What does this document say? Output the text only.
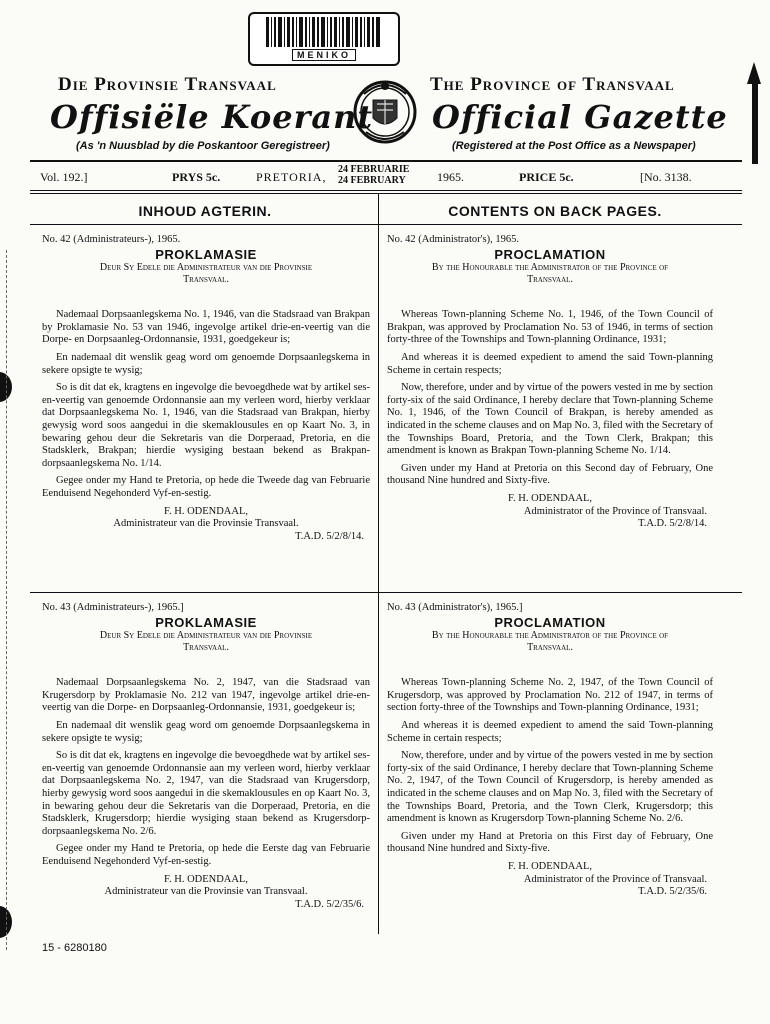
MENIKO
Die Provinsie Transvaal
Offisiële Koerant
(As 'n Nuusblad by die Poskantoor Geregistreer)
The Province of Transvaal
Official Gazette
(Registered at the Post Office as a Newspaper)
Vol. 192.]	PRYS 5c.	PRETORIA,
24 FEBRUARIE
24 FEBRUARY	1965.	PRICE 5c.	[No. 3138.
INHOUD AGTERIN.	CONTENTS ON BACK PAGES.
No. 42 (Administrateurs-), 1965.
PROKLAMASIE
Deur Sy Edele die Administrateur van die Provinsie Transvaal.

Nademaal Dorpsaanlegskema No. 1, 1946, van die Stadsraad van Brakpan by Proklamasie No. 53 van 1946, ingevolge artikel drie-en-veertig van die Dorpe- en Dorpsaanleg-Ordonnansie, 1931, goedgekeur is;

En nademaal dit wenslik geag word om genoemde Dorpsaanlegskema in sekere opsigte te wysig;

So is dit dat ek, kragtens en ingevolge die bevoegdhede wat by artikel ses-en-veertig van genoemde Ordonnansie aan my verleen word, hierby verklaar dat Dorpsaanlegskema No. 1, 1946, van die Stadsraad van Brakpan, hierby gewysig word soos aangedui in die skemaklousules en op Kaart No. 3, in bewaring gehou deur die Sekretaris van die Dorperaad, Pretoria, en die Stadsklerk, Brakpan; hierdie wysiging bestaan bekend as Brakpan-dorpsaanlegskema No. 1/14.

Gegee onder my Hand te Pretoria, op hede die Tweede dag van Februarie Eenduisend Negehonderd Vyf-en-sestig.

F. H. ODENDAAL,
Administrateur van die Provinsie Transvaal.
T.A.D. 5/2/8/14.
No. 42 (Administrator's), 1965.
PROCLAMATION
By the Honourable the Administrator of the Province of Transvaal.

Whereas Town-planning Scheme No. 1, 1946, of the Town Council of Brakpan, was approved by Proclamation No. 53 of 1946, in terms of section forty-three of the Townships and Town-planning Ordinance, 1931;

And whereas it is deemed expedient to amend the said Town-planning Scheme in certain respects;

Now, therefore, under and by virtue of the powers vested in me by section forty-six of the said Ordinance, I hereby declare that Town-planning Scheme No. 1, 1946, of the Town Council of Brakpan, is hereby amended as indicated in the scheme clauses and on Map No. 3, filed with the Secretary of the Townships Board, Pretoria, and the Town Clerk, Brakpan; this amendment is known as Brakpan Town-planning Scheme No. 1/14.

Given under my Hand at Pretoria on this Second day of February, One thousand Nine hundred and Sixty-five.

F. H. ODENDAAL,
Administrator of the Province of Transvaal.
T.A.D. 5/2/8/14.
No. 43 (Administrateurs-), 1965.]
PROKLAMASIE
Deur Sy Edele die Administrateur van die Provinsie Transvaal.

Nademaal Dorpsaanlegskema No. 2, 1947, van die Stadsraad van Krugersdorp by Proklamasie No. 212 van 1947, ingevolge artikel drie-en-veertig van die Dorpe- en Dorpsaanleg-Ordonnansie, 1931, goedgekeur is;

En nademaal dit wenslik geag word om genoemde Dorpsaanlegskema in sekere opsigte te wysig;

So is dit dat ek, kragtens en ingevolge die bevoegdhede wat by artikel ses-en-veertig van genoemde Ordonnansie aan my verleen word, hierby verklaar dat Dorpsaanlegskema No. 2, 1947, van die Stadsraad van Krugersdorp, hierby gewysig word soos aangedui in die skemaklousules en op Kaart No. 3, in bewaring gehou deur die Sekretaris van die Dorperaad, Pretoria, en die Stadsklerk, Krugersdorp; hierdie wysiging staan bekend as Krugersdorp-dorpsaanlegskema No. 2/6.

Gegee onder my Hand te Pretoria, op hede die Eerste dag van Februarie Eenduisend Negehonderd Vyf-en-sestig.

F. H. ODENDAAL,
Administrateur van die Provinsie van Transvaal.
T.A.D. 5/2/35/6.
No. 43 (Administrator's), 1965.]
PROCLAMATION
By the Honourable the Administrator of the Province of Transvaal.

Whereas Town-planning Scheme No. 2, 1947, of the Town Council of Krugersdorp, was approved by Proclamation No. 212 of 1947, in terms of section forty-three of the Townships and Town-planning Ordinance, 1931;

And whereas it is deemed expedient to amend the said Town-planning Scheme in certain respects;

Now, therefore, under and by virtue of the powers vested in me by section forty-six of the said Ordinance, I hereby declare that Town-planning Scheme No. 2, 1947, of the Town Council of Krugersdorp, is hereby amended as indicated in the scheme clauses and on Map No. 3, filed with the Secretary of the Townships Board, Pretoria, and the Town Clerk, Krugersdorp; this amendment is known as Krugersdorp Town-planning Scheme No. 2/6.

Given under my Hand at Pretoria on this First day of February, One thousand Nine hundred and Sixty-five.

F. H. ODENDAAL,
Administrator of the Province of Transvaal.
T.A.D. 5/2/35/6.
15 - 6280180
